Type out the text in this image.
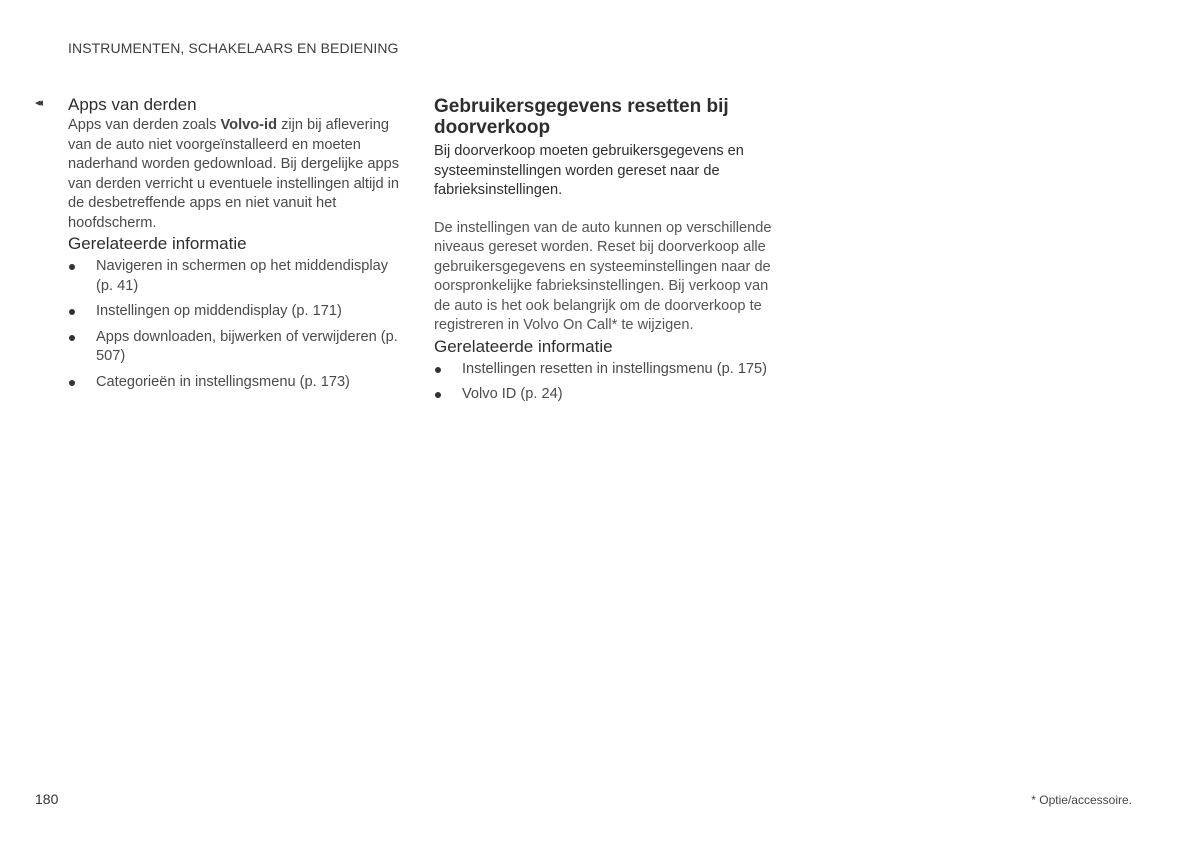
INSTRUMENTEN, SCHAKELAARS EN BEDIENING
◂◂ Apps van derden

Apps van derden zoals Volvo-id zijn bij aflevering van de auto niet voorgeïnstalleerd en moeten naderhand worden gedownload. Bij dergelijke apps van derden verricht u eventuele instellingen altijd in de desbetreffende apps en niet vanuit het hoofdscherm.

Gerelateerde informatie
Navigeren in schermen op het middendisplay (p. 41)
Instellingen op middendisplay (p. 171)
Apps downloaden, bijwerken of verwijderen (p. 507)
Categorieën in instellingsmenu (p. 173)
Gebruikersgegevens resetten bij doorverkoop

Bij doorverkoop moeten gebruikersgegevens en systeeminstellingen worden gereset naar de fabrieksinstellingen.

De instellingen van de auto kunnen op verschillende niveaus gereset worden. Reset bij doorverkoop alle gebruikersgegevens en systeeminstellingen naar de oorspronkelijke fabrieksinstellingen. Bij verkoop van de auto is het ook belangrijk om de doorverkoop te registreren in Volvo On Call* te wijzigen.

Gerelateerde informatie
Instellingen resetten in instellingsmenu (p. 175)
Volvo ID (p. 24)
180	* Optie/accessoire.
